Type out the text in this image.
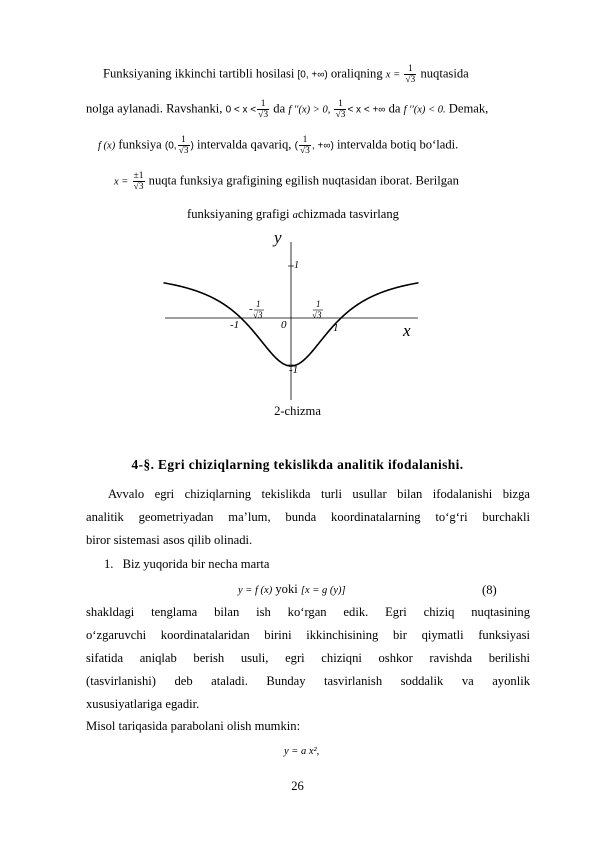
Funksiyaning ikkinchi tartibli hosilasi [0, +∞) oraliqning $x = \frac{1}{√3}$ nuqtasida
nolga aylanadi. Ravshanki, $0 < x < \frac{1}{√3}$ da f ′′(x) > 0, $\frac{1}{√3} < x$ < +∞ da f ′′(x) < 0. Demak,
f (x) funksiya (0, $\frac{1}{√3}$ ) intervalda qavariq, ( $\frac{1}{√3}$ , +∞) intervalda botiq bo‘ladi.
$x = \frac{\pm 1}{√3}$ nuqta funksiya grafigining egilish nuqtasidan iborat. Berilgan
funksiyaning grafigi achizmada tasvirlang
y
x
0
1
-1
-1	1
- 1
√3
1
√3
2-chizma
4-§. Egri chiziqlarning tekislikda analitik ifodalanishi.
Avvalo egri chiziqlarning tekislikda turli usullar bilan ifodalanishi bizga
analitik geometriyadan ma’lum, bunda koordinatalarning to‘g‘ri burchakli
biror sistemasi asos qilib olinadi.
1. Biz yuqorida bir necha marta
y = f (x) yoki [x = g (y)]	(8)
shakldagi tenglama bilan ish ko‘rgan edik. Egri chiziq nuqtasining
o‘zgaruvchi koordinatalaridan birini ikkinchisining bir qiymatli funksiyasi
sifatida aniqlab berish usuli, egri chiziqni oshkor ravishda berilishi
(tasvirlanishi) deb ataladi. Bunday tasvirlanish soddalik va ayonlik
xususiyatlariga egadir.
Misol tariqasida parabolani olish mumkin:
y = a x²,
26
